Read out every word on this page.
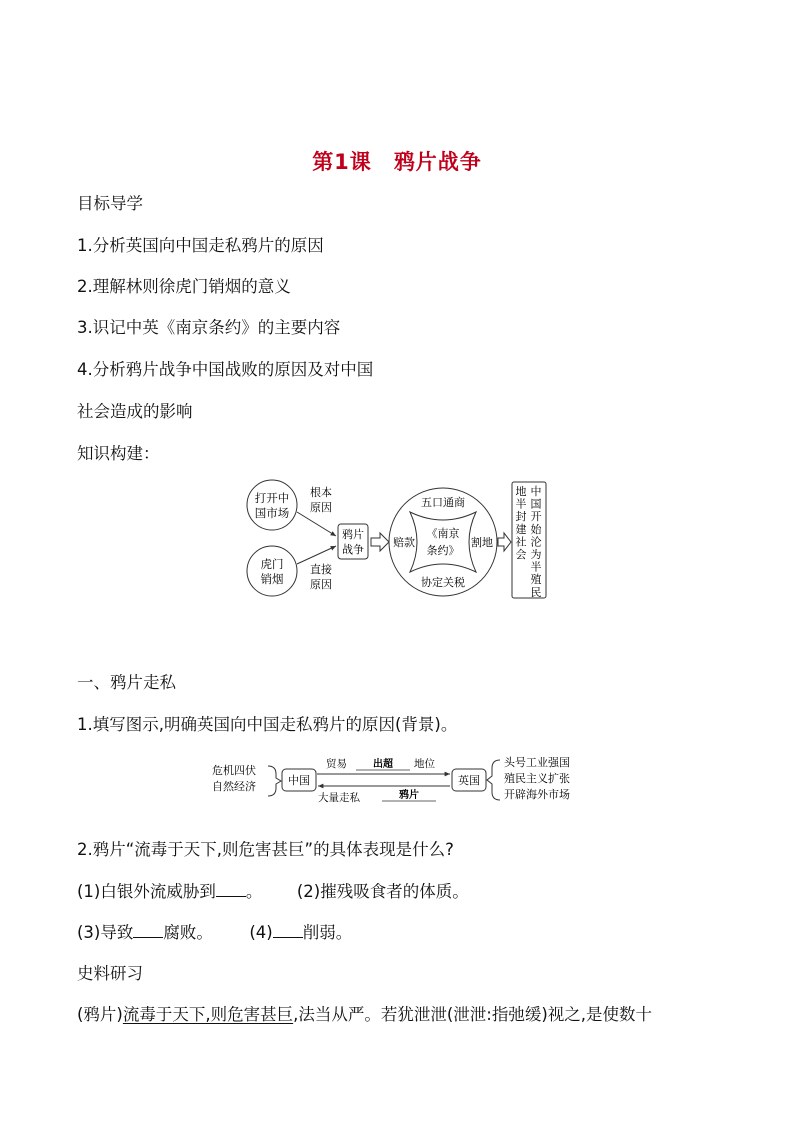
第1课 鸦片战争
目标导学
1.分析英国向中国走私鸦片的原因
2.理解林则徐虎门销烟的意义
3.识记中英《南京条约》的主要内容
4.分析鸦片战争中国战败的原因及对中国
社会造成的影响
知识构建：
打开中
国市场
虎门
销烟
根本
原因
直接
原因
鸦片
战争
五口通商
赔款	割地
协定关税
《南京
条约》
中
国
开
始
沦
为
半
殖
民
地
半
封
建
社
会
一、鸦片走私
1.填写图示,明确英国向中国走私鸦片的原因(背景)。
危机四伏
自然经济	中国	英国
贸易	出超 地位
大量走私	鸦片
头号工业强国
殖民主义扩张
开辟海外市场
2.鸦片“流毒于天下,则危害甚巨”的具体表现是什么?
(1)白银外流威胁到 。 (2)摧残吸食者的体质。
(3)导致 腐败。 (4) 削弱。
史料研习
(鸦片)流毒于天下,则危害甚巨,法当从严。若犹泄泄(泄泄:指弛缓)视之,是使数十
